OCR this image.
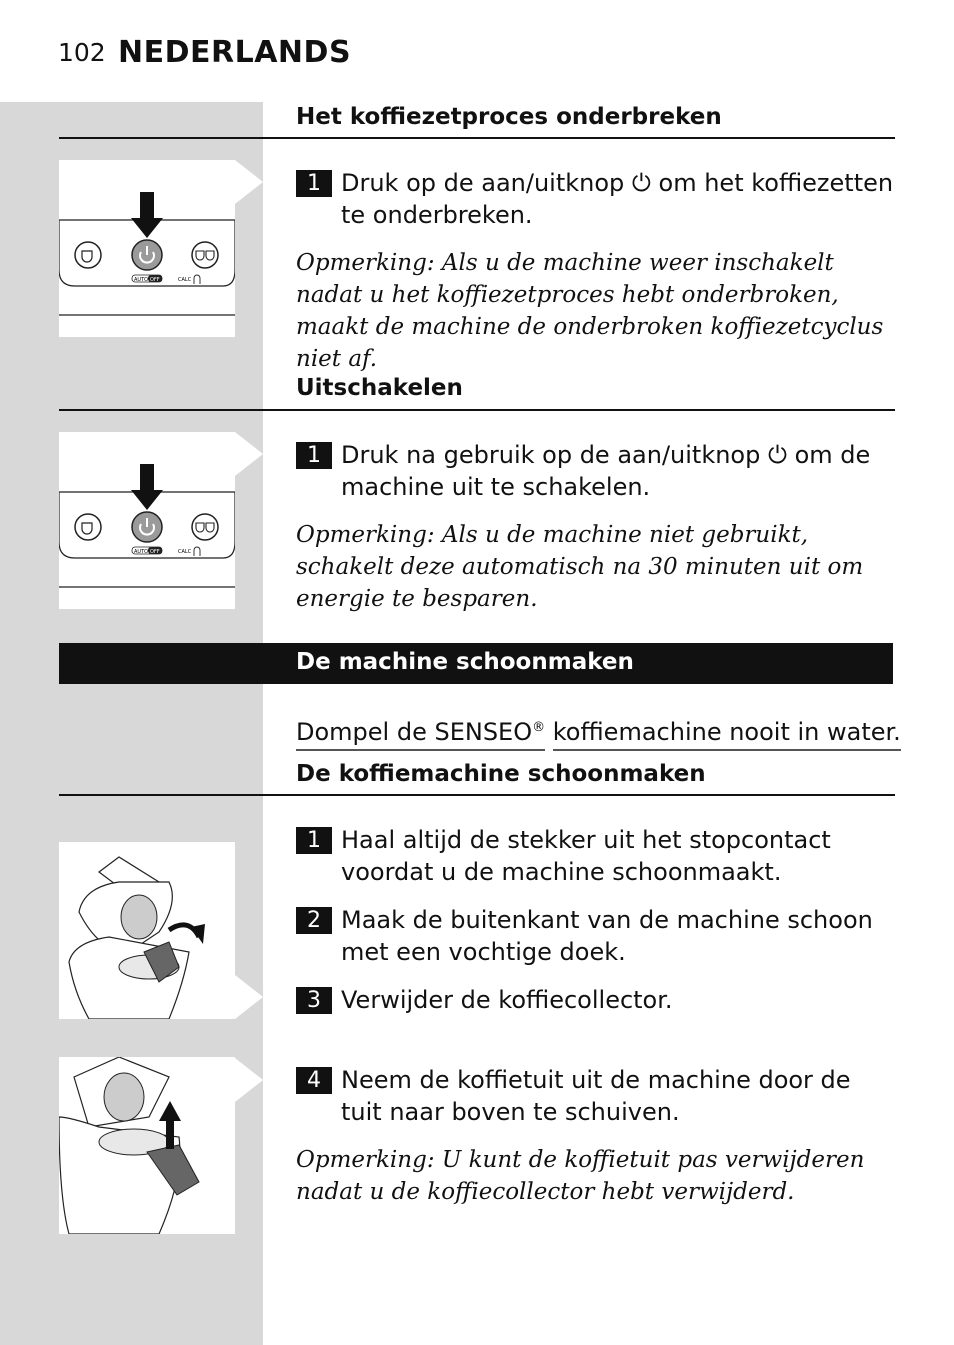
102 NEDERLANDS
Het koffiezetproces onderbreken
AUTO OFF	CALC
1 Druk op de aan/uitknop ⏻ om het koffiezetten te onderbreken.
Opmerking: Als u de machine weer inschakelt nadat u het koffiezetproces hebt onderbroken, maakt de machine de onderbroken koffiezetcyclus niet af.
Uitschakelen
AUTO OFF	CALC
1 Druk na gebruik op de aan/uitknop ⏻ om de machine uit te schakelen.
Opmerking: Als u de machine niet gebruikt, schakelt deze automatisch na 30 minuten uit om energie te besparen.
De machine schoonmaken
Dompel de SENSEO® koffiemachine nooit in water.
De koffiemachine schoonmaken
1 Haal altijd de stekker uit het stopcontact voordat u de machine schoonmaakt.
2 Maak de buitenkant van de machine schoon met een vochtige doek.
3 Verwijder de koffiecollector.
4 Neem de koffietuit uit de machine door de tuit naar boven te schuiven.
Opmerking: U kunt de koffietuit pas verwijderen nadat u de koffiecollector hebt verwijderd.
